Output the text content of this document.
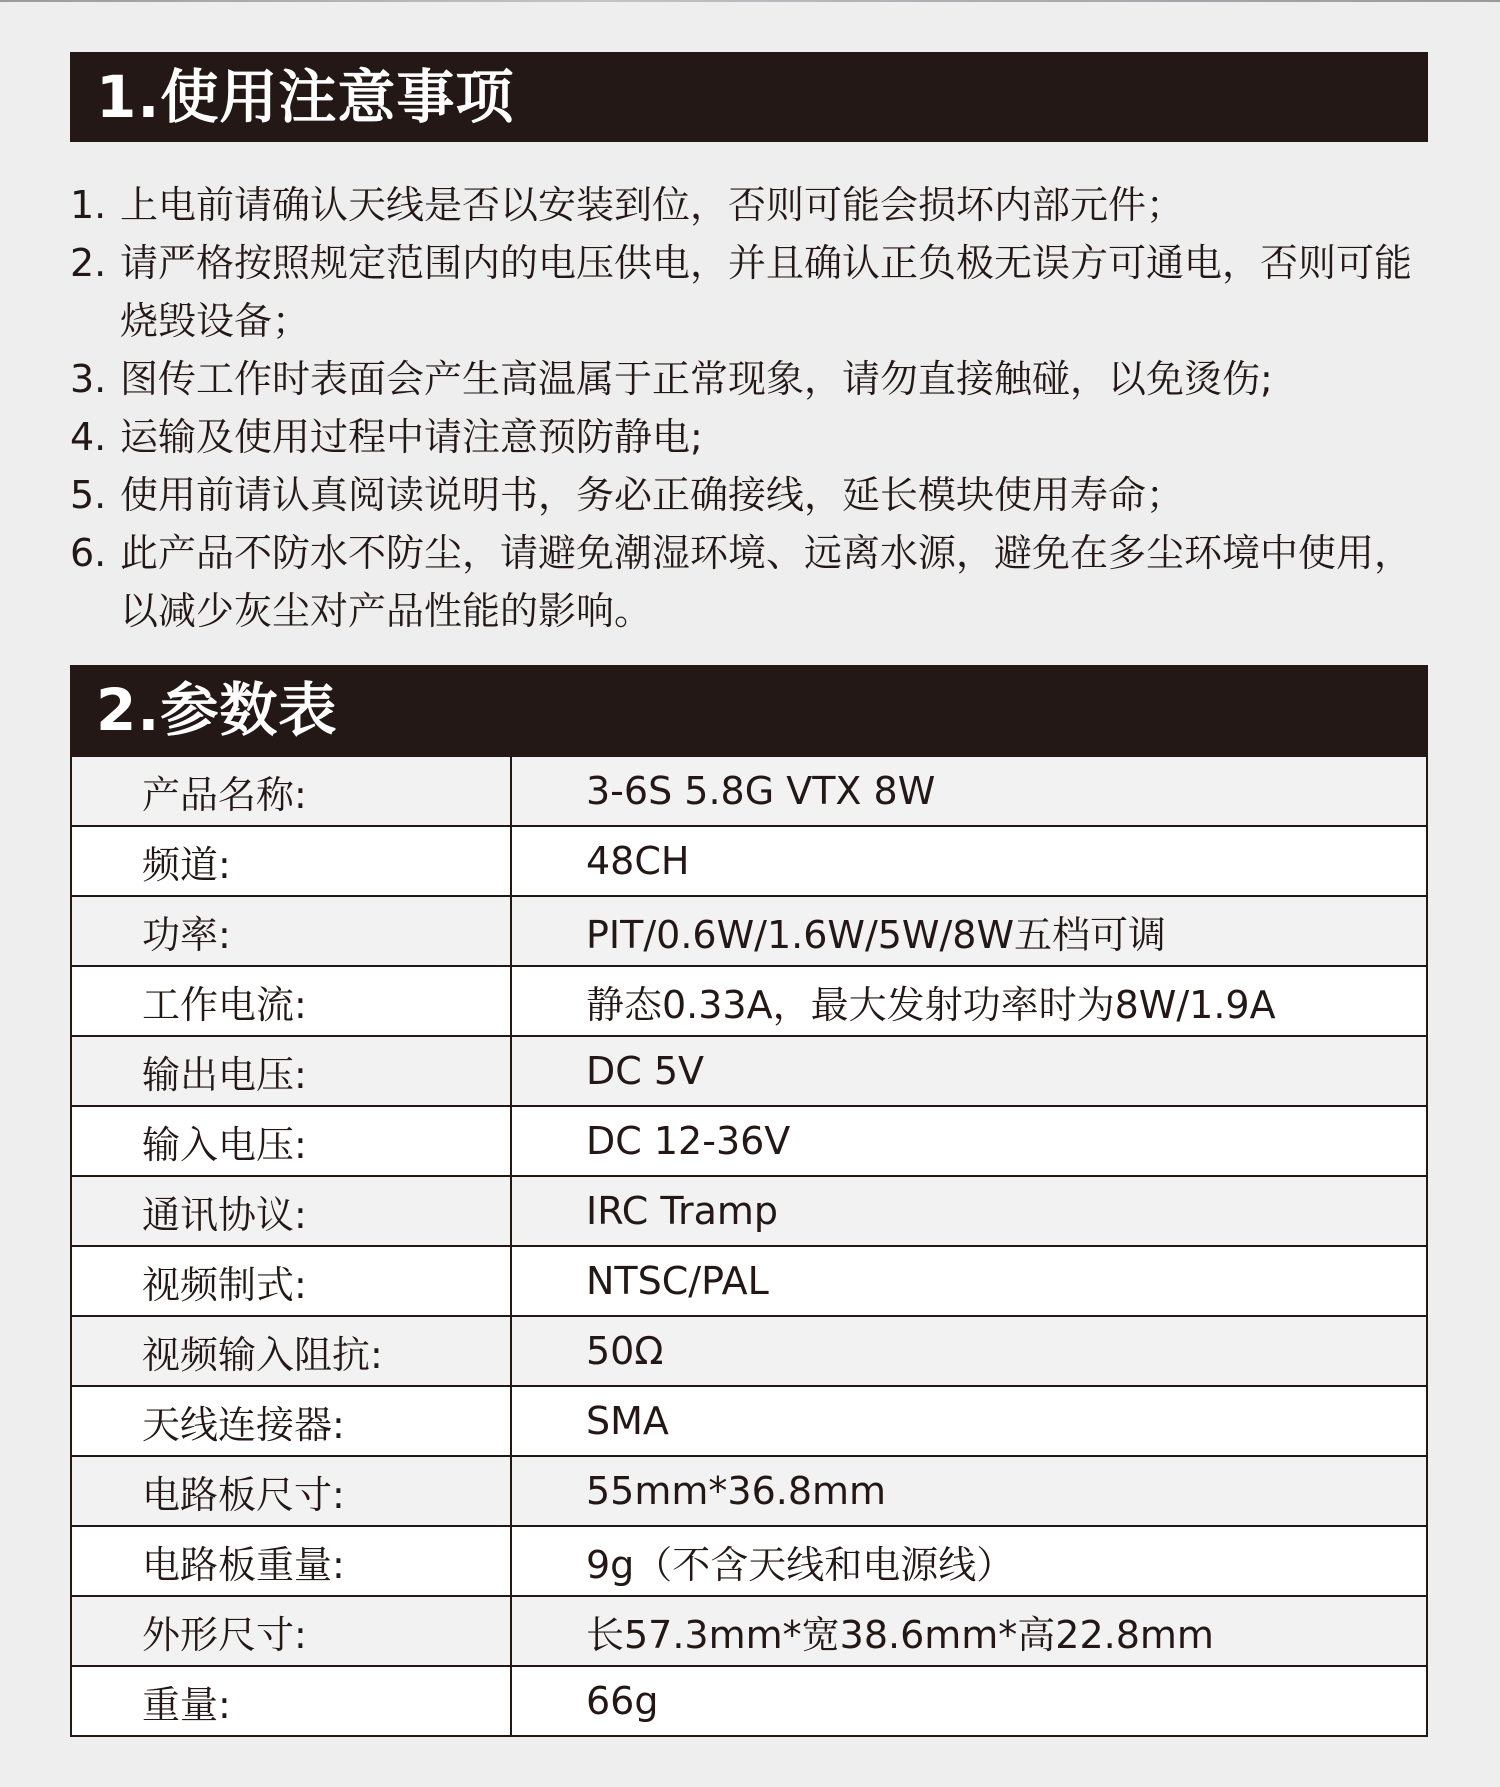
1.使用注意事项
1. 上电前请确认天线是否以安装到位，否则可能会损坏内部元件；
2. 请严格按照规定范围内的电压供电，并且确认正负极无误方可通电，否则可能烧毁设备；
3. 图传工作时表面会产生高温属于正常现象，请勿直接触碰，以免烫伤;
4. 运输及使用过程中请注意预防静电;
5. 使用前请认真阅读说明书，务必正确接线，延长模块使用寿命；
6. 此产品不防水不防尘，请避免潮湿环境、远离水源，避免在多尘环境中使用，以减少灰尘对产品性能的影响。
2.参数表
产品名称:	3-6S 5.8G VTX 8W
频道:	48CH
功率:	PIT/0.6W/1.6W/5W/8W五档可调
工作电流:	静态0.33A，最大发射功率时为8W/1.9A
输出电压:	DC 5V
输入电压:	DC 12-36V
通讯协议:	IRC Tramp
视频制式:	NTSC/PAL
视频输入阻抗:	50Ω
天线连接器:	SMA
电路板尺寸:	55mm*36.8mm
电路板重量:	9g（不含天线和电源线）
外形尺寸:	长57.3mm*宽38.6mm*高22.8mm
重量:	66g
